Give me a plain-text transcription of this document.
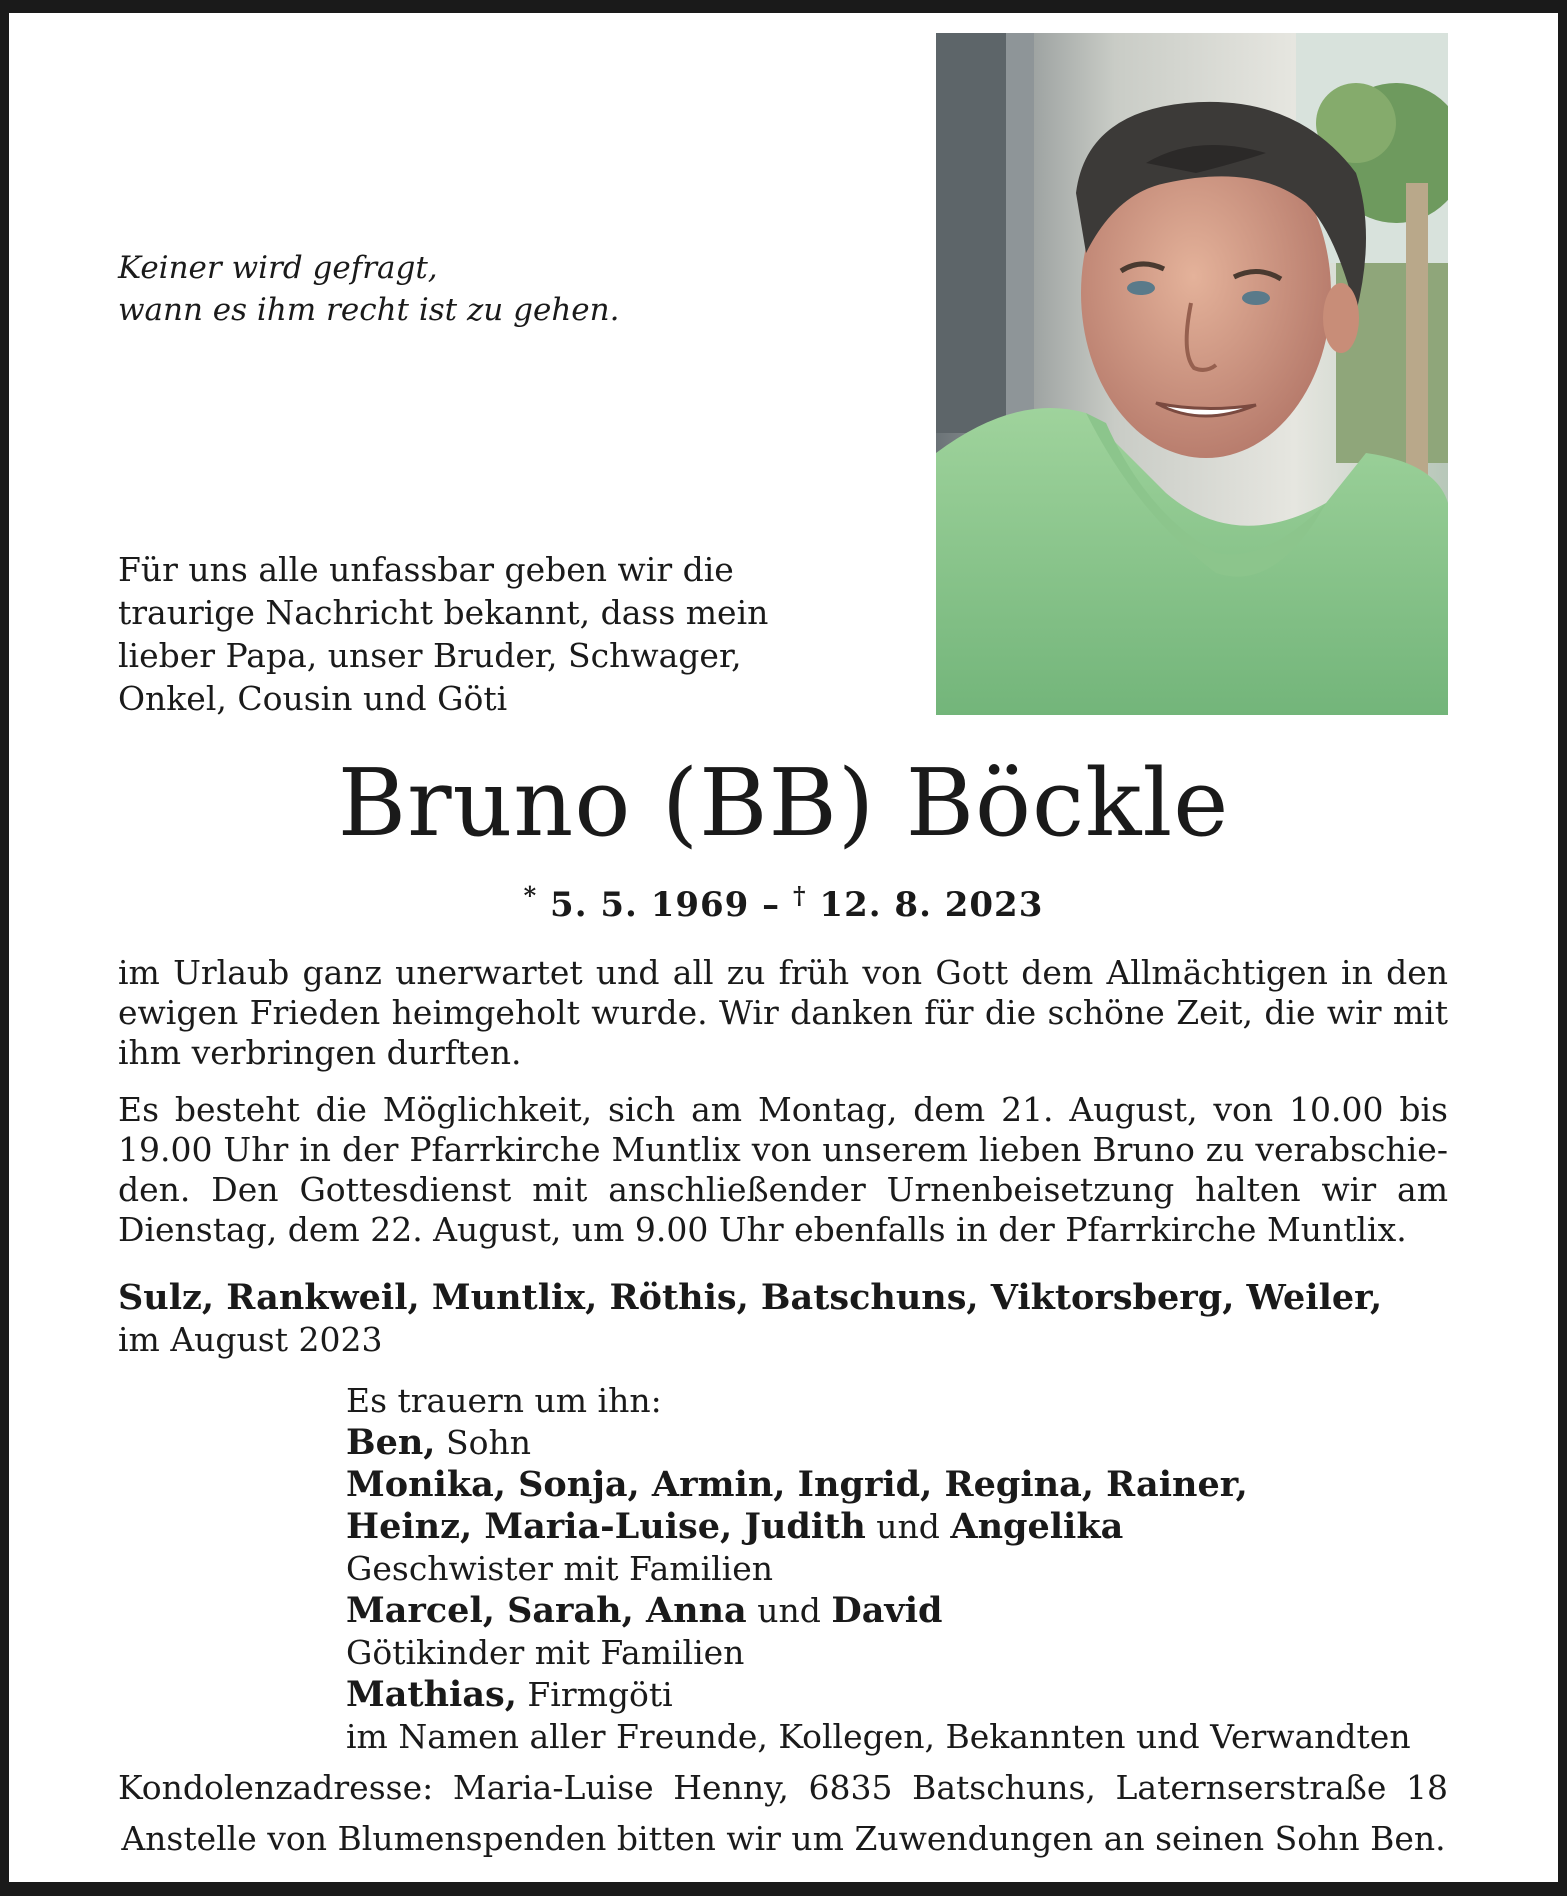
Keiner wird gefragt,
wann es ihm recht ist zu gehen.
Für uns alle unfassbar geben wir die
traurige Nachricht bekannt, dass mein
lieber Papa, unser Bruder, Schwager,
Onkel, Cousin und Göti
Bruno (BB) Böckle
* 5. 5. 1969 – † 12. 8. 2023
im Urlaub ganz unerwartet und all zu früh von Gott dem Allmächtigen in den ewigen Frieden heimgeholt wurde. Wir danken für die schöne Zeit, die wir mit ihm verbringen durften.
Es besteht die Möglichkeit, sich am Montag, dem 21. August, von 10.00 bis 19.00 Uhr in der Pfarrkirche Muntlix von unserem lieben Bruno zu verabschieden. Den Gottesdienst mit anschließender Urnenbeisetzung halten wir am Dienstag, dem 22. August, um 9.00 Uhr ebenfalls in der Pfarrkirche Muntlix.
Sulz, Rankweil, Muntlix, Röthis, Batschuns, Viktorsberg, Weiler,
im August 2023
Es trauern um ihn:
Ben, Sohn
Monika, Sonja, Armin, Ingrid, Regina, Rainer,
Heinz, Maria-Luise, Judith und Angelika
Geschwister mit Familien
Marcel, Sarah, Anna und David
Götikinder mit Familien
Mathias, Firmgöti
im Namen aller Freunde, Kollegen, Bekannten und Verwandten
Kondolenzadresse: Maria-Luise Henny, 6835 Batschuns, Laternserstraße 18
Anstelle von Blumenspenden bitten wir um Zuwendungen an seinen Sohn Ben.
